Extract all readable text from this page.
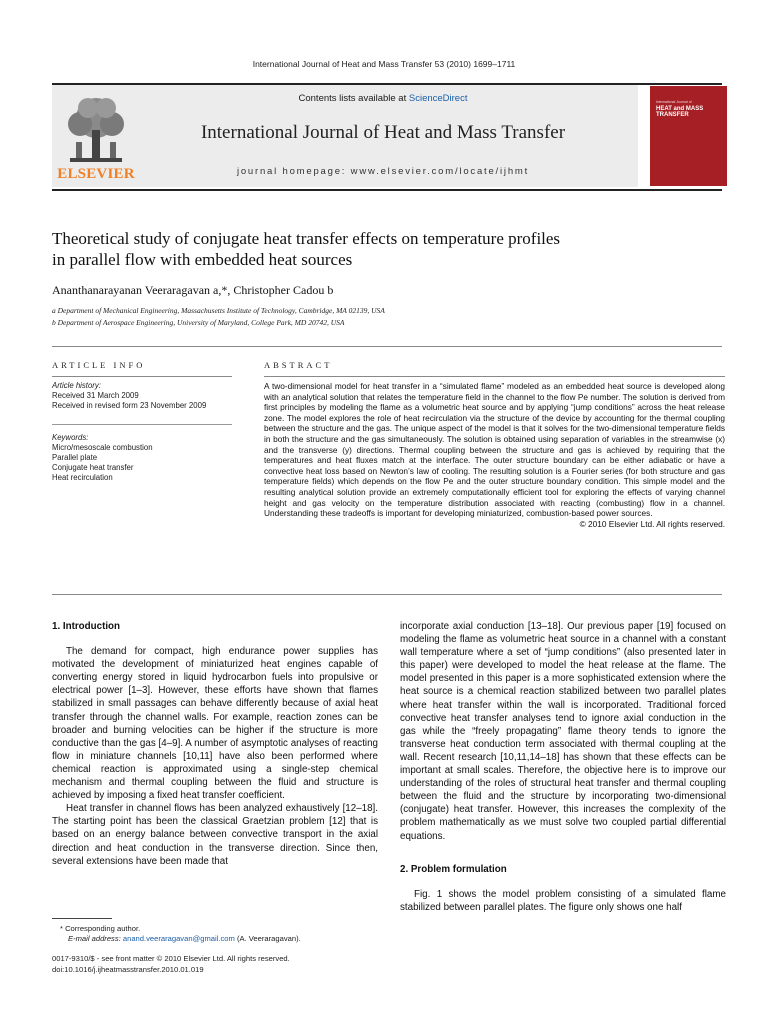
International Journal of Heat and Mass Transfer 53 (2010) 1699–1711
ELSEVIER
Contents lists available at ScienceDirect
International Journal of Heat and Mass Transfer
journal homepage: www.elsevier.com/locate/ijhmt
International Journal of
HEAT and MASS TRANSFER
Theoretical study of conjugate heat transfer effects on temperature profiles
in parallel flow with embedded heat sources
Ananthanarayanan Veeraragavan a,*, Christopher Cadou b
a Department of Mechanical Engineering, Massachusetts Institute of Technology, Cambridge, MA 02139, USA
b Department of Aerospace Engineering, University of Maryland, College Park, MD 20742, USA
ARTICLE INFO	ABSTRACT
Article history:
Received 31 March 2009
Received in revised form 23 November 2009
Keywords:
Micro/mesoscale combustion
Parallel plate
Conjugate heat transfer
Heat recirculation
A two-dimensional model for heat transfer in a “simulated flame” modeled as an embedded heat source is developed along with an analytical solution that relates the temperature field in the channel to the flow Pe number. The solution is derived from first principles by modeling the flame as a volumetric heat source and by applying “jump conditions” across the heat release zone. The model explores the role of heat recirculation via the structure of the device by accounting for the thermal coupling between the structure and the gas. The unique aspect of the model is that it solves for the two-dimensional temperature fields in both the structure and the gas simultaneously. The solution is obtained using separation of variables in the streamwise (x) and the transverse (y) directions. Thermal coupling between the structure and gas is achieved by requiring that the temperatures and heat fluxes match at the interface. The outer structure boundary can be either adiabatic or have a convective heat loss based on Newton’s law of cooling. The resulting solution is a Fourier series (for both structure and gas temperature fields) which depends on the flow Pe and the outer structure boundary condition. This simple model and the resulting analytical solution provide an extremely computationally efficient tool for exploring the effects of varying channel height and gas velocity on the temperature distribution associated with reacting (combusting) flow in a channel. Understanding these tradeoffs is important for developing miniaturized, combustion-based power sources.
© 2010 Elsevier Ltd. All rights reserved.
1. Introduction

The demand for compact, high endurance power supplies has motivated the development of miniaturized heat engines capable of converting energy stored in liquid hydrocarbon fuels into propulsive or electrical power [1–3]. However, these efforts have shown that flames stabilized in small passages can behave differently because of axial heat transfer through the channel walls. For example, reaction zones can be broader and burning velocities can be higher if the structure is more conductive than the gas [4–9]. A number of asymptotic analyses of reacting flow in miniature channels [10,11] have also been performed where chemical reaction is approximated using a single-step chemical mechanism and thermal coupling between the fluid and structure is achieved by imposing a fixed heat transfer coefficient.

Heat transfer in channel flows has been analyzed exhaustively [12–18]. The starting point has been the classical Graetzian problem [12] that is based on an energy balance between convective transport in the axial direction and heat conduction in the transverse direction. Since then, several extensions have been made that

incorporate axial conduction [13–18]. Our previous paper [19] focused on modeling the flame as volumetric heat source in a channel with a constant wall temperature where a set of “jump conditions” (also presented later in this paper) were developed to model the heat release at the flame. The model presented in this paper is a more sophisticated extension where the heat source is a chemical reaction stabilized between two parallel plates where heat transfer within the wall is incorporated. Traditional forced convective heat transfer analyses tend to ignore axial conduction in the gas while the “freely propagating” flame theory tends to ignore the transverse heat conduction term associated with thermal coupling at the wall. Recent research [10,11,14–18] has shown that these effects can be important at small scales. Therefore, the objective here is to improve our understanding of the roles of structural heat transfer and thermal coupling between the fluid and the structure by incorporating two-dimensional (conjugate) heat transfer. However, this increases the complexity of the problem mathematically as we must solve two coupled partial differential equations.

2. Problem formulation

Fig. 1 shows the model problem consisting of a simulated flame stabilized between parallel plates. The figure only shows one half

* Corresponding author.
E-mail address: anand.veeraragavan@gmail.com (A. Veeraragavan).
0017-9310/$ - see front matter © 2010 Elsevier Ltd. All rights reserved.
doi:10.1016/j.ijheatmasstransfer.2010.01.019
